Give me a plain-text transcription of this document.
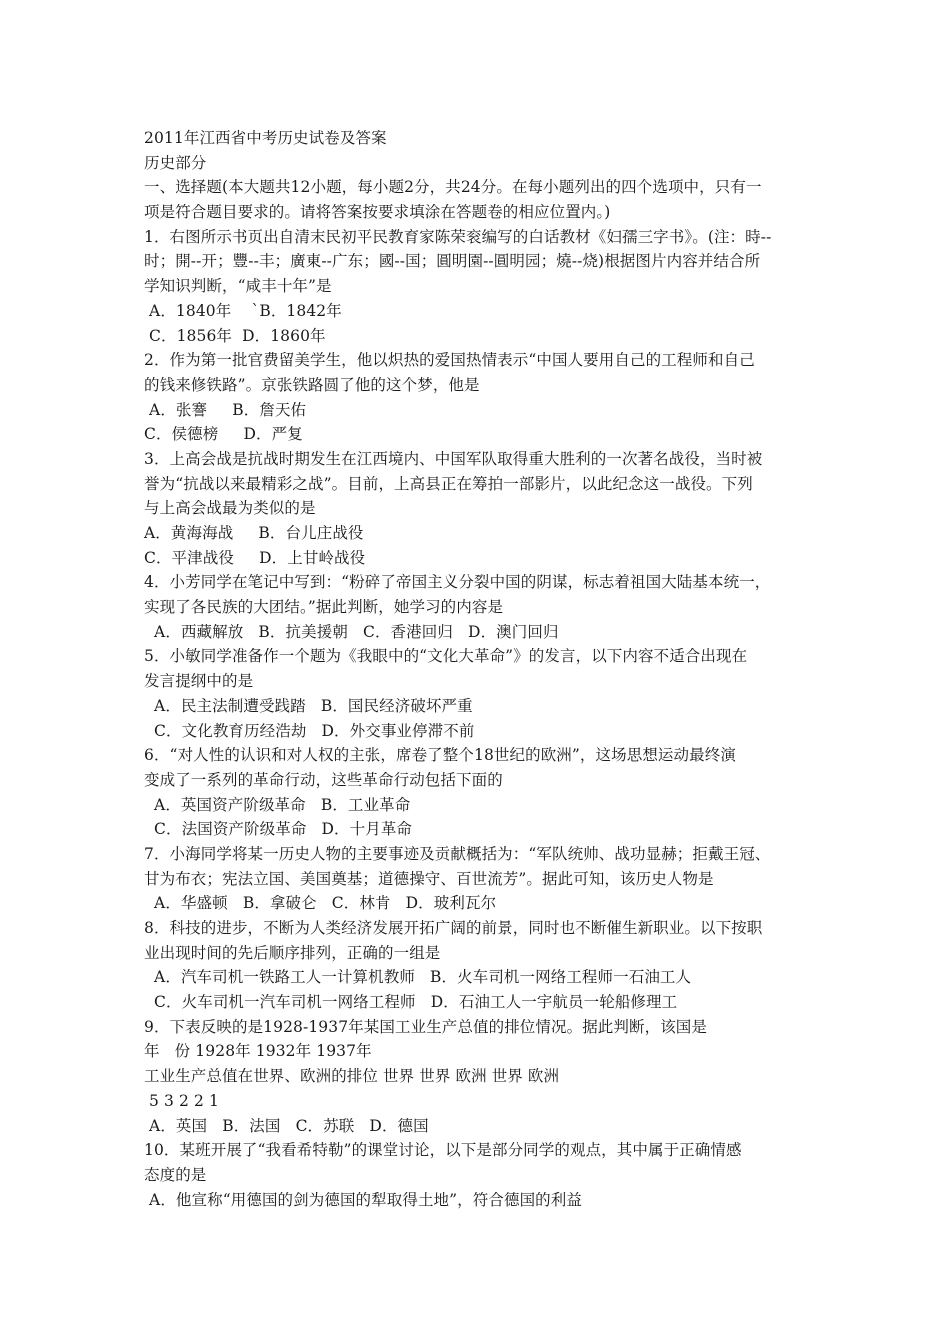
2011年江西省中考历史试卷及答案
历史部分
一、选择题(本大题共12小题，每小题2分，共24分。在每小题列出的四个选项中，只有一
项是符合题目要求的。请将答案按要求填涂在答题卷的相应位置内。)
1．右图所示书页出自清末民初平民教育家陈荣衮编写的白话教材《妇孺三字书》。(注：時--
时；開--开；豐--丰；廣東--广东；國--国；圓明園--圓明园；燒--烧)根据图片内容并结合所
学知识判断，“咸丰十年”是
A．1840年    `B．1842年
C．1856年  D．1860年
2．作为第一批官费留美学生，他以炽热的爱国热情表示“中国人要用自己的工程师和自己
的钱来修铁路”。京张铁路圆了他的这个梦，他是
A．张謇     B．詹天佑
C．侯德榜     D．严复
3．上高会战是抗战时期发生在江西境内、中国军队取得重大胜利的一次著名战役，当时被
誉为“抗战以来最精彩之战”。目前，上高县正在筹拍一部影片，以此纪念这一战役。下列
与上高会战最为类似的是
A．黄海海战     B．台儿庄战役
C．平津战役     D．上甘岭战役
4．小芳同学在笔记中写到：“粉碎了帝国主义分裂中国的阴谋，标志着祖国大陆基本统一，
实现了各民族的大团结。”据此判断，她学习的内容是
A．西藏解放   B．抗美援朝   C．香港回归   D．澳门回归
5．小敏同学准备作一个题为《我眼中的“文化大革命”》的发言，以下内容不适合出现在
发言提纲中的是
A．民主法制遭受践踏   B．国民经济破坏严重
C．文化教育历经浩劫   D．外交事业停滞不前
6．“对人性的认识和对人权的主张，席卷了整个18世纪的欧洲”，这场思想运动最终演
变成了一系列的革命行动，这些革命行动包括下面的
A．英国资产阶级革命   B．工业革命
C．法国资产阶级革命   D．十月革命
7．小海同学将某一历史人物的主要事迹及贡献概括为：“军队统帅、战功显赫；拒戴王冠、
甘为布衣；宪法立国、美国奠基；道德操守、百世流芳”。据此可知，该历史人物是
A．华盛顿   B．拿破仑   C．林肯   D．玻利瓦尔
8．科技的进步，不断为人类经济发展开拓广阔的前景，同时也不断催生新职业。以下按职
业出现时间的先后顺序排列，正确的一组是
A．汽车司机一铁路工人一计算机教师   B．火车司机一网络工程师一石油工人
C．火车司机一汽车司机一网络工程师   D．石油工人一宇航员一轮船修理工
9．下表反映的是1928-1937年某国工业生产总值的排位情况。据此判断，该国是
年   份 1928年 1932年 1937年
工业生产总值在世界、欧洲的排位 世界 世界 欧洲 世界 欧洲
5 3 2 2 1
A．英国   B．法国   C．苏联   D．德国
10．某班开展了“我看希特勒”的课堂讨论，以下是部分同学的观点，其中属于正确情感
态度的是
A．他宣称“用德国的剑为德国的犁取得土地”，符合德国的利益
